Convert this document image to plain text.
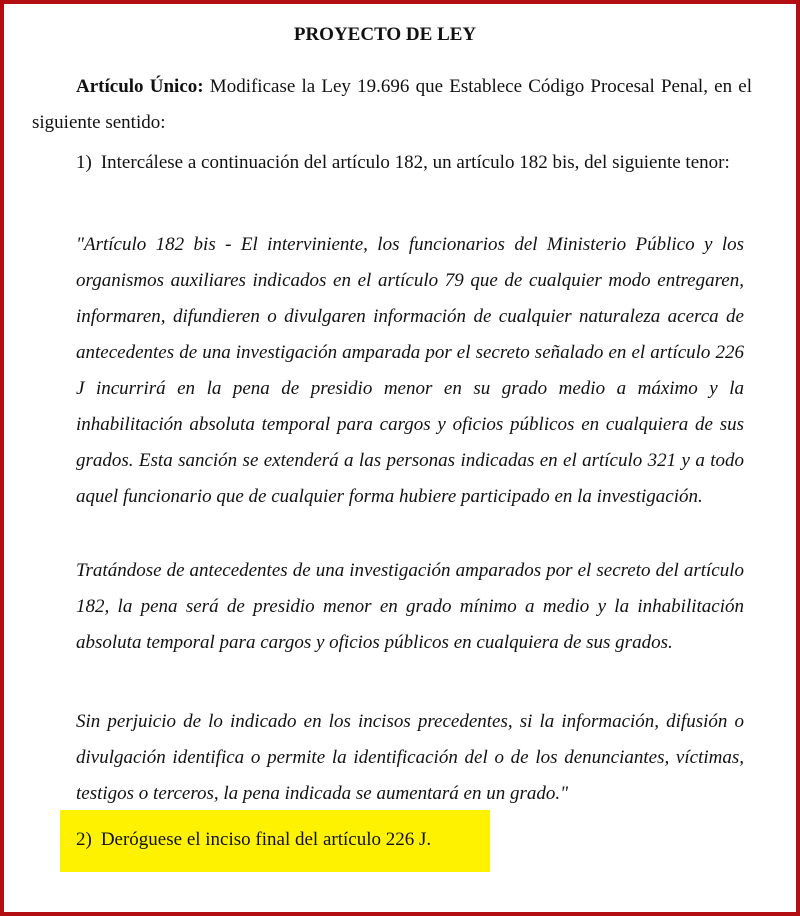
PROYECTO DE LEY
Artículo Único: Modificase la Ley 19.696 que Establece Código Procesal Penal, en el siguiente sentido:
1) Intercálese a continuación del artículo 182, un artículo 182 bis, del siguiente tenor:
"Artículo 182 bis - El interviniente, los funcionarios del Ministerio Público y los organismos auxiliares indicados en el artículo 79 que de cualquier modo entregaren, informaren, difundieren o divulgaren información de cualquier naturaleza acerca de antecedentes de una investigación amparada por el secreto señalado en el artículo 226 J incurrirá en la pena de presidio menor en su grado medio a máximo y la inhabilitación absoluta temporal para cargos y oficios públicos en cualquiera de sus grados. Esta sanción se extenderá a las personas indicadas en el artículo 321 y a todo aquel funcionario que de cualquier forma hubiere participado en la investigación.
Tratándose de antecedentes de una investigación amparados por el secreto del artículo 182, la pena será de presidio menor en grado mínimo a medio y la inhabilitación absoluta temporal para cargos y oficios públicos en cualquiera de sus grados.
Sin perjuicio de lo indicado en los incisos precedentes, si la información, difusión o divulgación identifica o permite la identificación del o de los denunciantes, víctimas, testigos o terceros, la pena indicada se aumentará en un grado."
2) Deróguese el inciso final del artículo 226 J.
